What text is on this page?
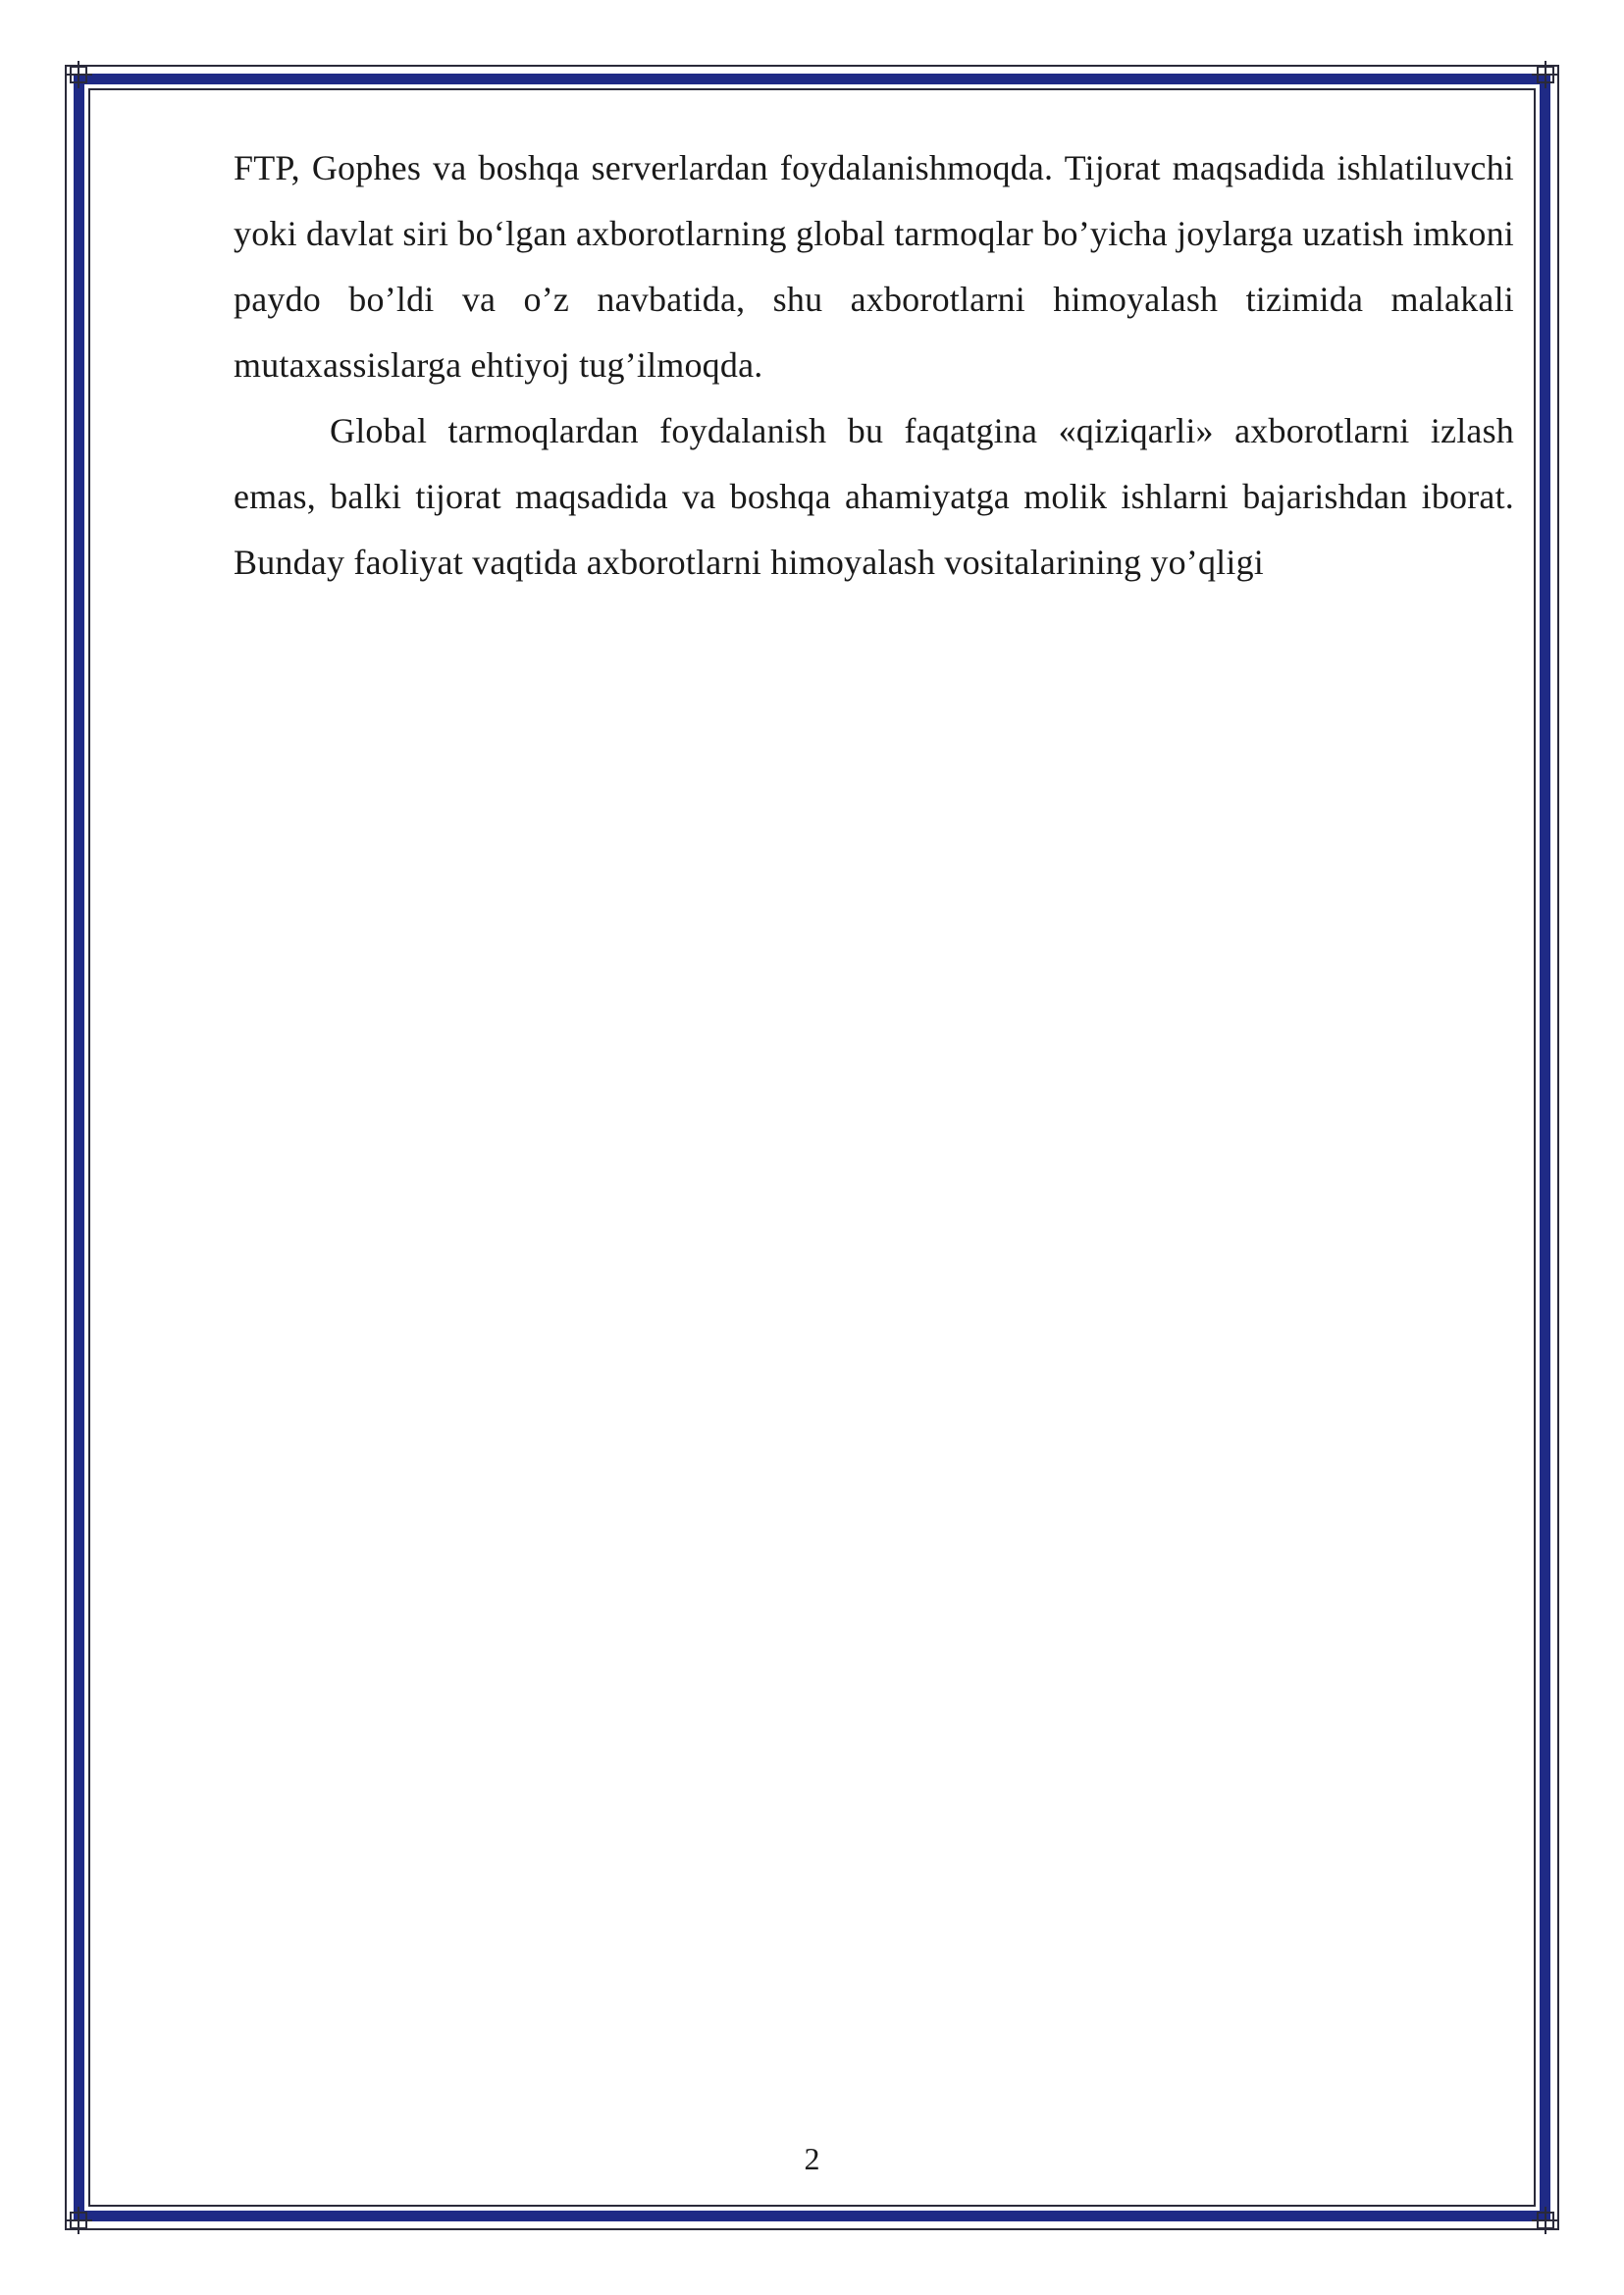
FTP, Gophes va boshqa serverlardan foydalanishmoqda. Tijorat maqsadida ishlatiluvchi yoki davlat siri bo‘lgan axborotlarning global tarmoqlar bo’yicha joylarga uzatish imkoni paydo bo’ldi va o’z navbatida, shu axborotlarni himoyalash tizimida malakali mutaxassislarga ehtiyoj tug’ilmoqda.

Global tarmoqlardan foydalanish bu faqatgina «qiziqarli» axborotlarni izlash emas, balki tijorat maqsadida va boshqa ahamiyatga molik ishlarni bajarishdan iborat. Bunday faoliyat vaqtida axborotlarni himoyalash vositalarining yo’qligi

2
